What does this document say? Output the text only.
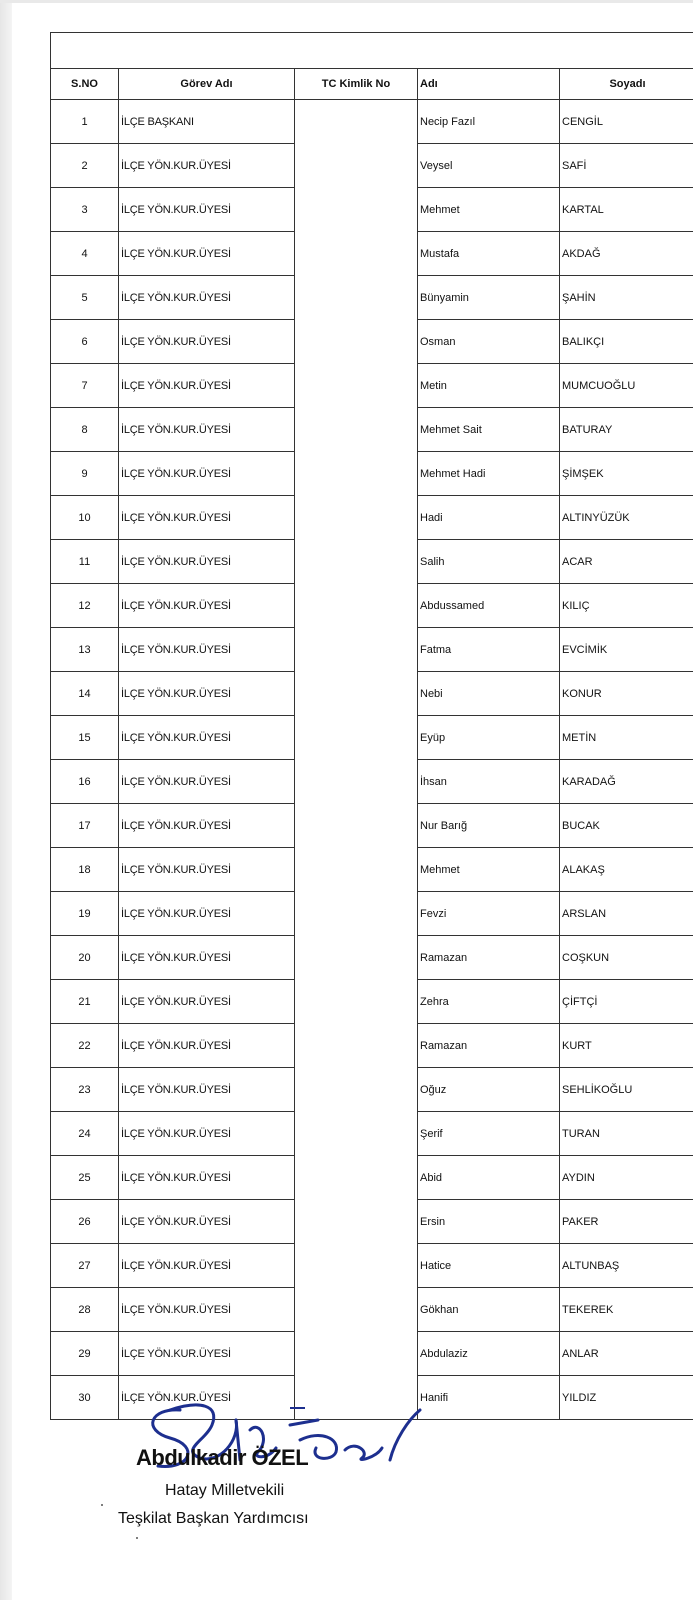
S.NO	Görev Adı	TC Kimlik No	Adı	Soyadı
1	İLÇE BAŞKANI		Necip Fazıl	CENGİL
2	İLÇE YÖN.KUR.ÜYESİ		Veysel	SAFİ
3	İLÇE YÖN.KUR.ÜYESİ		Mehmet	KARTAL
4	İLÇE YÖN.KUR.ÜYESİ		Mustafa	AKDAĞ
5	İLÇE YÖN.KUR.ÜYESİ		Bünyamin	ŞAHİN
6	İLÇE YÖN.KUR.ÜYESİ		Osman	BALIKÇI
7	İLÇE YÖN.KUR.ÜYESİ		Metin	MUMCUOĞLU
8	İLÇE YÖN.KUR.ÜYESİ		Mehmet Sait	BATURAY
9	İLÇE YÖN.KUR.ÜYESİ		Mehmet Hadi	ŞİMŞEK
10	İLÇE YÖN.KUR.ÜYESİ		Hadi	ALTINYÜZÜK
11	İLÇE YÖN.KUR.ÜYESİ		Salih	ACAR
12	İLÇE YÖN.KUR.ÜYESİ		Abdussamed	KILIÇ
13	İLÇE YÖN.KUR.ÜYESİ		Fatma	EVCİMİK
14	İLÇE YÖN.KUR.ÜYESİ		Nebi	KONUR
15	İLÇE YÖN.KUR.ÜYESİ		Eyüp	METİN
16	İLÇE YÖN.KUR.ÜYESİ		İhsan	KARADAĞ
17	İLÇE YÖN.KUR.ÜYESİ		Nur Barığ	BUCAK
18	İLÇE YÖN.KUR.ÜYESİ		Mehmet	ALAKAŞ
19	İLÇE YÖN.KUR.ÜYESİ		Fevzi	ARSLAN
20	İLÇE YÖN.KUR.ÜYESİ		Ramazan	COŞKUN
21	İLÇE YÖN.KUR.ÜYESİ		Zehra	ÇİFTÇİ
22	İLÇE YÖN.KUR.ÜYESİ		Ramazan	KURT
23	İLÇE YÖN.KUR.ÜYESİ		Oğuz	SEHLİKOĞLU
24	İLÇE YÖN.KUR.ÜYESİ		Şerif	TURAN
25	İLÇE YÖN.KUR.ÜYESİ		Abid	AYDIN
26	İLÇE YÖN.KUR.ÜYESİ		Ersin	PAKER
27	İLÇE YÖN.KUR.ÜYESİ		Hatice	ALTUNBAŞ
28	İLÇE YÖN.KUR.ÜYESİ		Gökhan	TEKEREK
29	İLÇE YÖN.KUR.ÜYESİ		Abdulaziz	ANLAR
30	İLÇE YÖN.KUR.ÜYESİ		Hanifi	YILDIZ
Abdulkadir ÖZEL
Hatay Milletvekili
Teşkilat Başkan Yardımcısı
